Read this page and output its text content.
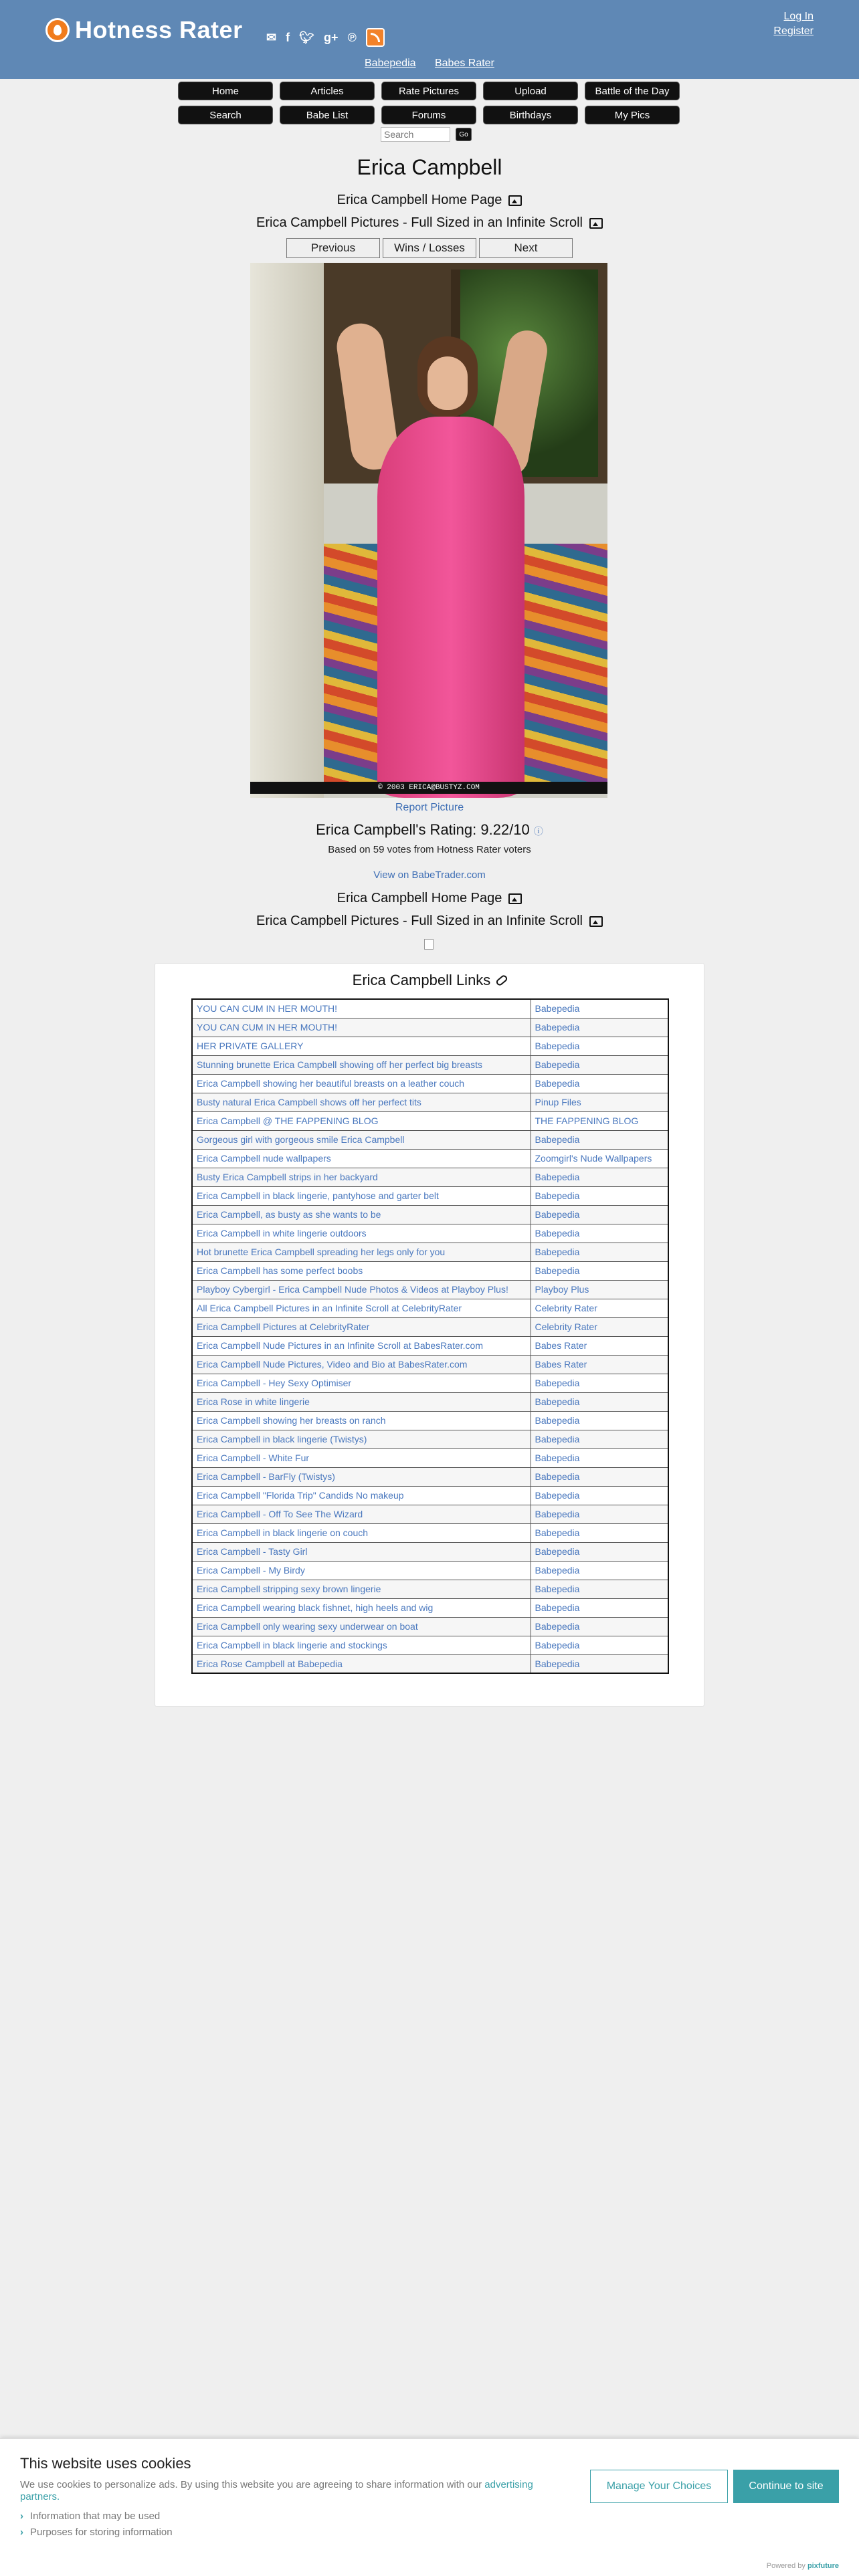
Hotness Rater ✉ f 🐦︎ g+ ℗
Babepedia Babes Rater
Log In
Register
Home	Articles	Rate Pictures	Upload	Battle of the Day
Search	Babe List	Forums	Birthdays	My Pics
Search
Go
Erica Campbell
Erica Campbell Home Page
Erica Campbell Pictures - Full Sized in an Infinite Scroll
Previous	Wins / Losses	Next
© 2003 ERICA@BUSTYZ.COM
Report Picture
Erica Campbell's Rating: 9.22/10 ⓘ
Based on 59 votes from Hotness Rater voters
View on BabeTrader.com
Erica Campbell Home Page
Erica Campbell Pictures - Full Sized in an Infinite Scroll
Erica Campbell Links
YOU CAN CUM IN HER MOUTH!	Babepedia
YOU CAN CUM IN HER MOUTH!	Babepedia
HER PRIVATE GALLERY	Babepedia
Stunning brunette Erica Campbell showing off her perfect big breasts	Babepedia
Erica Campbell showing her beautiful breasts on a leather couch	Babepedia
Busty natural Erica Campbell shows off her perfect tits	Pinup Files
Erica Campbell @ THE FAPPENING BLOG	THE FAPPENING BLOG
Gorgeous girl with gorgeous smile Erica Campbell	Babepedia
Erica Campbell nude wallpapers	Zoomgirl's Nude Wallpapers
Busty Erica Campbell strips in her backyard	Babepedia
Erica Campbell in black lingerie, pantyhose and garter belt	Babepedia
Erica Campbell, as busty as she wants to be	Babepedia
Erica Campbell in white lingerie outdoors	Babepedia
Hot brunette Erica Campbell spreading her legs only for you	Babepedia
Erica Campbell has some perfect boobs	Babepedia
Playboy Cybergirl - Erica Campbell Nude Photos & Videos at Playboy Plus!	Playboy Plus
All Erica Campbell Pictures in an Infinite Scroll at CelebrityRater	Celebrity Rater
Erica Campbell Pictures at CelebrityRater	Celebrity Rater
Erica Campbell Nude Pictures in an Infinite Scroll at BabesRater.com	Babes Rater
Erica Campbell Nude Pictures, Video and Bio at BabesRater.com	Babes Rater
Erica Campbell - Hey Sexy Optimiser	Babepedia
Erica Rose in white lingerie	Babepedia
Erica Campbell showing her breasts on ranch	Babepedia
Erica Campbell in black lingerie (Twistys)	Babepedia
Erica Campbell - White Fur	Babepedia
Erica Campbell - BarFly (Twistys)	Babepedia
Erica Campbell "Florida Trip" Candids No makeup	Babepedia
Erica Campbell - Off To See The Wizard	Babepedia
Erica Campbell in black lingerie on couch	Babepedia
Erica Campbell - Tasty Girl	Babepedia
Erica Campbell - My Birdy	Babepedia
Erica Campbell stripping sexy brown lingerie	Babepedia
Erica Campbell wearing black fishnet, high heels and wig	Babepedia
Erica Campbell only wearing sexy underwear on boat	Babepedia
Erica Campbell in black lingerie and stockings	Babepedia
Erica Rose Campbell at Babepedia	Babepedia
This website uses cookies
We use cookies to personalize ads. By using this website you are agreeing to share information with our advertising partners.
› Information that may be used
› Purposes for storing information
Manage Your Choices	Continue to site
Powered by pixfuture
